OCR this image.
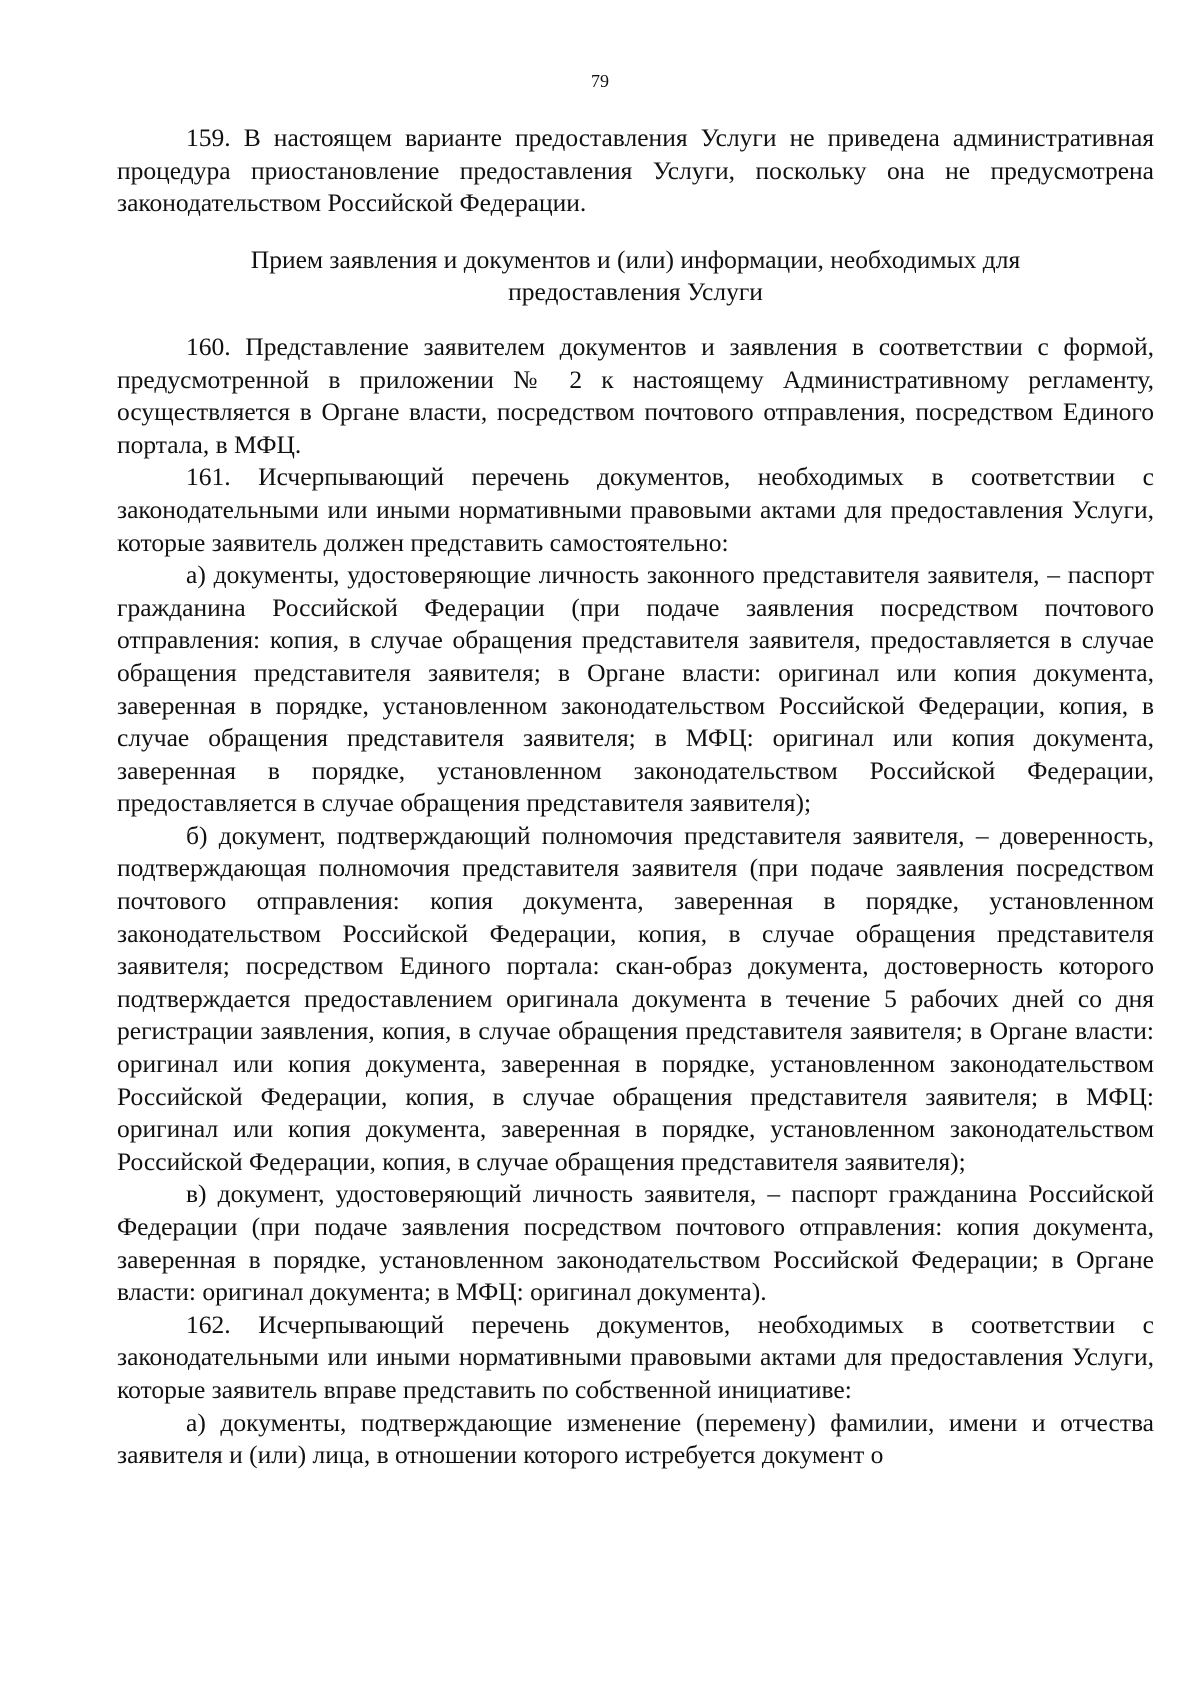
79

159. В настоящем варианте предоставления Услуги не приведена административная процедура приостановление предоставления Услуги, поскольку она не предусмотрена законодательством Российской Федерации.

Прием заявления и документов и (или) информации, необходимых для
предоставления Услуги

160. Представление заявителем документов и заявления в соответствии с формой, предусмотренной в приложении № 2 к настоящему Административному регламенту, осуществляется в Органе власти, посредством почтового отправления, посредством Единого портала, в МФЦ.

161. Исчерпывающий перечень документов, необходимых в соответствии с законодательными или иными нормативными правовыми актами для предоставления Услуги, которые заявитель должен представить самостоятельно:

а) документы, удостоверяющие личность законного представителя заявителя, – паспорт гражданина Российской Федерации (при подаче заявления посредством почтового отправления: копия, в случае обращения представителя заявителя, предоставляется в случае обращения представителя заявителя; в Органе власти: оригинал или копия документа, заверенная в порядке, установленном законодательством Российской Федерации, копия, в случае обращения представителя заявителя; в МФЦ: оригинал или копия документа, заверенная в порядке, установленном законодательством Российской Федерации, предоставляется в случае обращения представителя заявителя);

б) документ, подтверждающий полномочия представителя заявителя, – доверенность, подтверждающая полномочия представителя заявителя (при подаче заявления посредством почтового отправления: копия документа, заверенная в порядке, установленном законодательством Российской Федерации, копия, в случае обращения представителя заявителя; посредством Единого портала: скан-образ документа, достоверность которого подтверждается предоставлением оригинала документа в течение 5 рабочих дней со дня регистрации заявления, копия, в случае обращения представителя заявителя; в Органе власти: оригинал или копия документа, заверенная в порядке, установленном законодательством Российской Федерации, копия, в случае обращения представителя заявителя; в МФЦ: оригинал или копия документа, заверенная в порядке, установленном законодательством Российской Федерации, копия, в случае обращения представителя заявителя);

в) документ, удостоверяющий личность заявителя, – паспорт гражданина Российской Федерации (при подаче заявления посредством почтового отправления: копия документа, заверенная в порядке, установленном законодательством Российской Федерации; в Органе власти: оригинал документа; в МФЦ: оригинал документа).

162. Исчерпывающий перечень документов, необходимых в соответствии с законодательными или иными нормативными правовыми актами для предоставления Услуги, которые заявитель вправе представить по собственной инициативе:

а) документы, подтверждающие изменение (перемену) фамилии, имени и отчества заявителя и (или) лица, в отношении которого истребуется документ о
